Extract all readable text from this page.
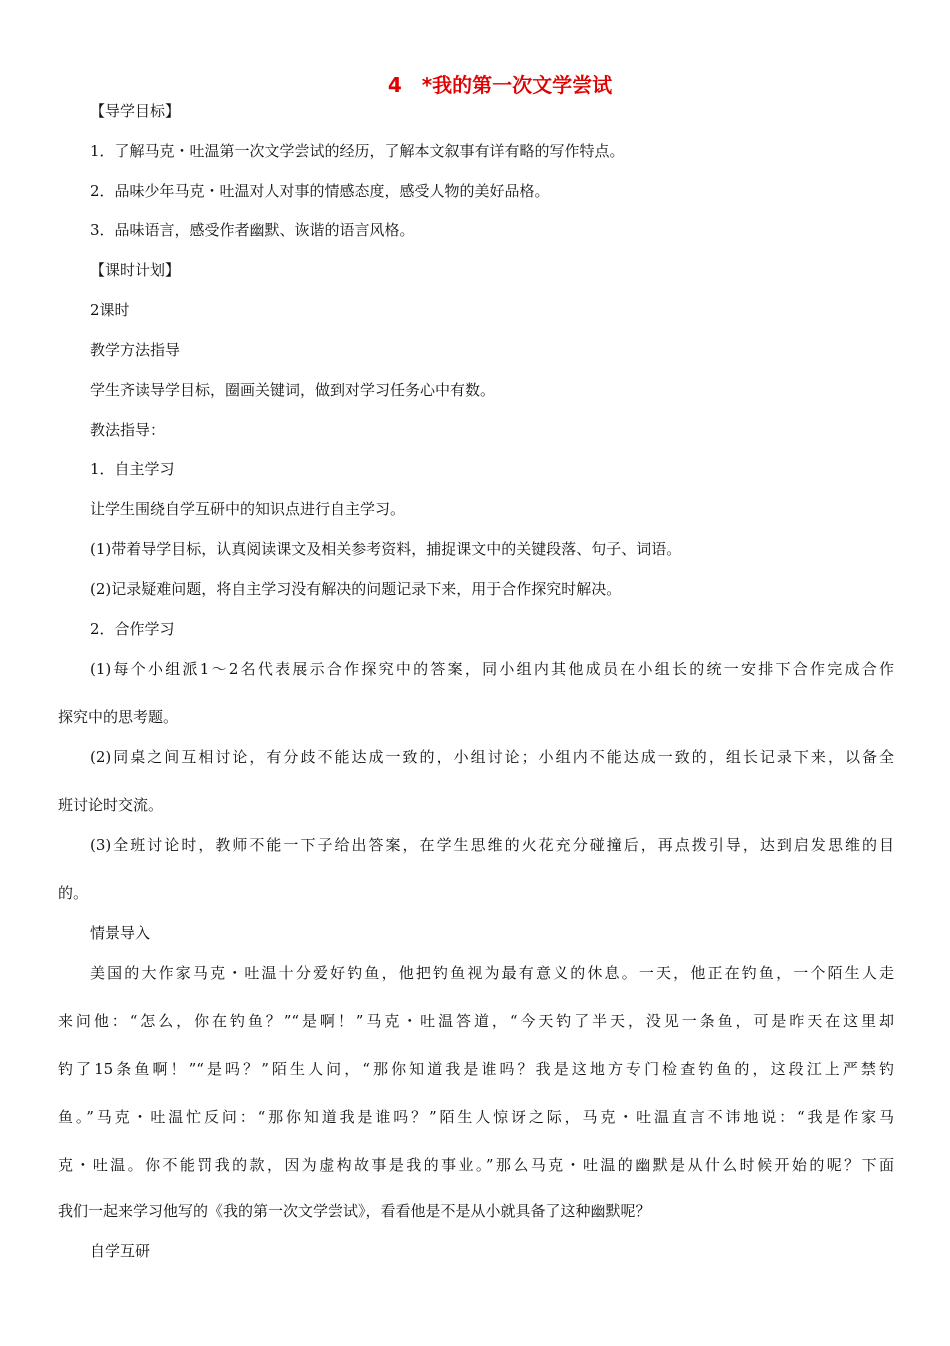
4　*我的第一次文学尝试
【导学目标】
1．了解马克・吐温第一次文学尝试的经历，了解本文叙事有详有略的写作特点。
2．品味少年马克・吐温对人对事的情感态度，感受人物的美好品格。
3．品味语言，感受作者幽默、诙谐的语言风格。
【课时计划】
2课时
教学方法指导
学生齐读导学目标，圈画关键词，做到对学习任务心中有数。
教法指导：
1．自主学习
让学生围绕自学互研中的知识点进行自主学习。
(1)带着导学目标，认真阅读课文及相关参考资料，捕捉课文中的关键段落、句子、词语。
(2)记录疑难问题，将自主学习没有解决的问题记录下来，用于合作探究时解决。
2．合作学习
(1)每个小组派1～2名代表展示合作探究中的答案，同小组内其他成员在小组长的统一安排下合作完成合作
探究中的思考题。
(2)同桌之间互相讨论，有分歧不能达成一致的，小组讨论；小组内不能达成一致的，组长记录下来，以备全
班讨论时交流。
(3)全班讨论时，教师不能一下子给出答案，在学生思维的火花充分碰撞后，再点拨引导，达到启发思维的目
的。
情景导入
美国的大作家马克・吐温十分爱好钓鱼，他把钓鱼视为最有意义的休息。一天，他正在钓鱼，一个陌生人走
来问他：“怎么，你在钓鱼？”“是啊！”马克・吐温答道，“今天钓了半天，没见一条鱼，可是昨天在这里却
钓了15条鱼啊！”“是吗？”陌生人问，“那你知道我是谁吗？我是这地方专门检查钓鱼的，这段江上严禁钓
鱼。”马克・吐温忙反问：“那你知道我是谁吗？”陌生人惊讶之际，马克・吐温直言不讳地说：“我是作家马
克・吐温。你不能罚我的款，因为虚构故事是我的事业。”那么马克・吐温的幽默是从什么时候开始的呢？下面
我们一起来学习他写的《我的第一次文学尝试》，看看他是不是从小就具备了这种幽默呢？
自学互研
